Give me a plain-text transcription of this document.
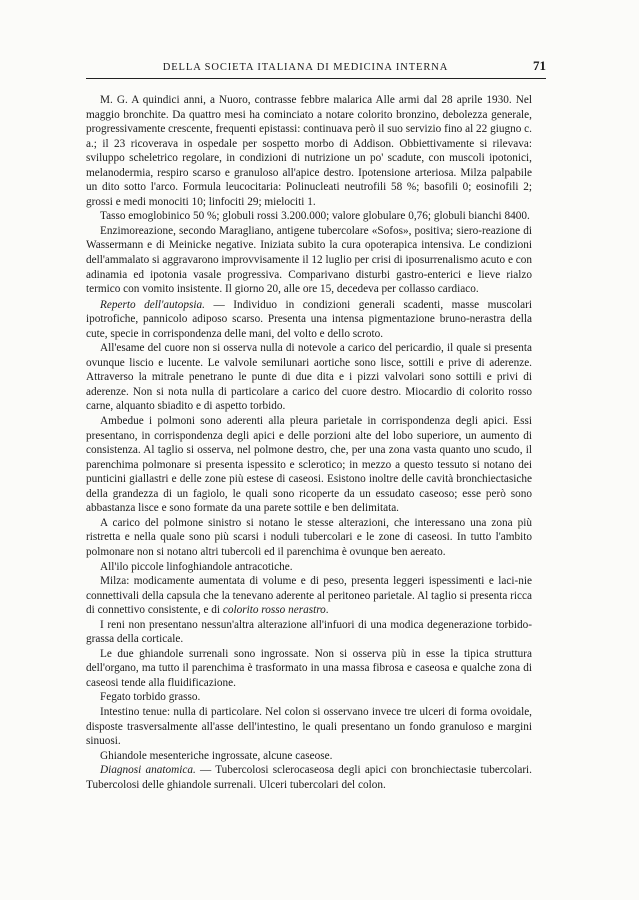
DELLA SOCIETA ITALIANA DI MEDICINA INTERNA	71

M. G. A quindici anni, a Nuoro, contrasse febbre malarica Alle armi dal 28 aprile 1930. Nel maggio bronchite. Da quattro mesi ha cominciato a notare colorito bronzino, debolezza generale, progressivamente crescente, frequenti epistassi: continuava però il suo servizio fino al 22 giugno c. a.; il 23 ricoverava in ospedale per sospetto morbo di Addison. Obbiettivamente si rilevava: sviluppo scheletrico regolare, in condizioni di nutrizione un po' scadute, con muscoli ipotonici, melanodermia, respiro scarso e granuloso all'apice destro. Ipotensione arteriosa. Milza palpabile un dito sotto l'arco. Formula leucocitaria: Polinucleati neutrofili 58 %; basofili 0; eosinofili 2; grossi e medi monociti 10; linfociti 29; mielociti 1.

Tasso emoglobinico 50 %; globuli rossi 3.200.000; valore globulare 0,76; globuli bianchi 8400.

Enzimoreazione, secondo Maragliano, antigene tubercolare «Sofos», positiva; siero-reazione di Wassermann e di Meinicke negative. Iniziata subito la cura opoterapica intensiva. Le condizioni dell'ammalato si aggravarono improvvisamente il 12 luglio per crisi di iposurrenalismo acuto e con adinamia ed ipotonia vasale progressiva. Comparivano disturbi gastro-enterici e lieve rialzo termico con vomito insistente. Il giorno 20, alle ore 15, decedeva per collasso cardiaco.

Reperto dell'autopsia. — Individuo in condizioni generali scadenti, masse muscolari ipotrofiche, pannicolo adiposo scarso. Presenta una intensa pigmentazione bruno-nerastra della cute, specie in corrispondenza delle mani, del volto e dello scroto.

All'esame del cuore non si osserva nulla di notevole a carico del pericardio, il quale si presenta ovunque liscio e lucente. Le valvole semilunari aortiche sono lisce, sottili e prive di aderenze. Attraverso la mitrale penetrano le punte di due dita e i pizzi valvolari sono sottili e privi di aderenze. Non si nota nulla di particolare a carico del cuore destro. Miocardio di colorito rosso carne, alquanto sbiadito e di aspetto torbido.

Ambedue i polmoni sono aderenti alla pleura parietale in corrispondenza degli apici. Essi presentano, in corrispondenza degli apici e delle porzioni alte del lobo superiore, un aumento di consistenza. Al taglio si osserva, nel polmone destro, che, per una zona vasta quanto uno scudo, il parenchima polmonare si presenta ispessito e sclerotico; in mezzo a questo tessuto si notano dei punticini giallastri e delle zone più estese di caseosi. Esistono inoltre delle cavità bronchiectasiche della grandezza di un fagiolo, le quali sono ricoperte da un essudato caseoso; esse però sono abbastanza lisce e sono formate da una parete sottile e ben delimitata.

A carico del polmone sinistro si notano le stesse alterazioni, che interessano una zona più ristretta e nella quale sono più scarsi i noduli tubercolari e le zone di caseosi. In tutto l'ambito polmonare non si notano altri tubercoli ed il parenchima è ovunque ben aereato.

All'ilo piccole linfoghiandole antracotiche.

Milza: modicamente aumentata di volume e di peso, presenta leggeri ispessimenti e laci-nie connettivali della capsula che la tenevano aderente al peritoneo parietale. Al taglio si presenta ricca di connettivo consistente, e di colorito rosso nerastro.

I reni non presentano nessun'altra alterazione all'infuori di una modica degenerazione torbido-grassa della corticale.

Le due ghiandole surrenali sono ingrossate. Non si osserva più in esse la tipica struttura dell'organo, ma tutto il parenchima è trasformato in una massa fibrosa e caseosa e qualche zona di caseosi tende alla fluidificazione.

Fegato torbido grasso.

Intestino tenue: nulla di particolare. Nel colon si osservano invece tre ulceri di forma ovoidale, disposte trasversalmente all'asse dell'intestino, le quali presentano un fondo granuloso e margini sinuosi.

Ghiandole mesenteriche ingrossate, alcune caseose.

Diagnosi anatomica. — Tubercolosi sclerocaseosa degli apici con bronchiectasie tubercolari. Tubercolosi delle ghiandole surrenali. Ulceri tubercolari del colon.
